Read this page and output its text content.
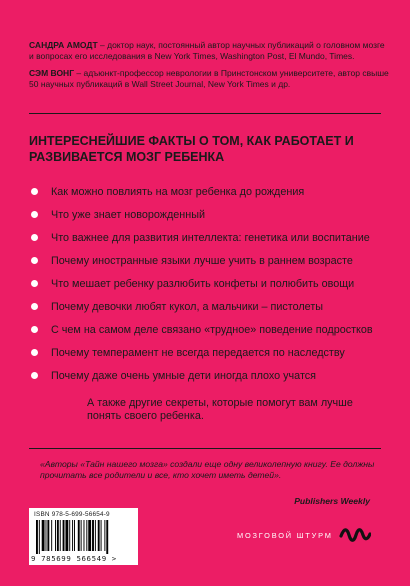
САНДРА АМОДТ – доктор наук, постоянный автор научных публикаций о головном мозге и вопросах его исследования в New York Times, Washington Post, El Mundo, Times.

СЭМ ВОНГ – адъюнкт-профессор неврологии в Принстонском университете, автор свыше 50 научных публикаций в Wall Street Journal, New York Times и др.

ИНТЕРЕСНЕЙШИЕ ФАКТЫ О ТОМ, КАК РАБОТАЕТ И РАЗВИВАЕТСЯ МОЗГ РЕБЕНКА
Как можно повлиять на мозг ребенка до рождения
Что уже знает новорожденный
Что важнее для развития интеллекта: генетика или воспитание
Почему иностранные языки лучше учить в раннем возрасте
Что мешает ребенку разлюбить конфеты и полюбить овощи
Почему девочки любят кукол, а мальчики – пистолеты
С чем на самом деле связано «трудное» поведение подростков
Почему темперамент не всегда передается по наследству
Почему даже очень умные дети иногда плохо учатся
А также другие секреты, которые помогут вам лучше понять своего ребенка.
«Авторы «Тайн нашего мозга» создали еще одну великолепную книгу. Ее должны прочитать все родители и все, кто хочет иметь детей».
Publishers Weekly
ISBN 978-5-699-56654-9
9 785699 566549 >
МОЗГОВОЙ ШТУРМ
